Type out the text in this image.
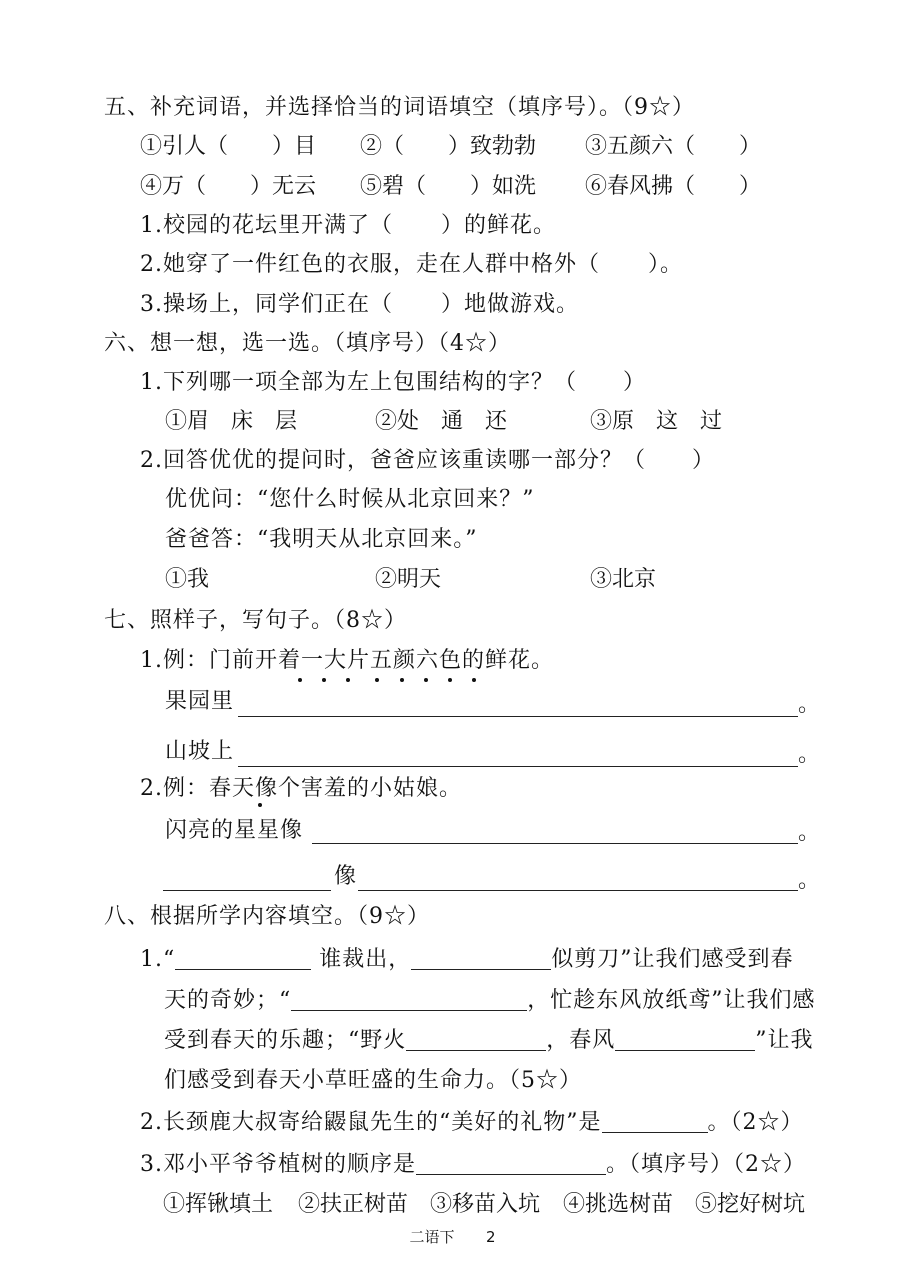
五、补充词语，并选择恰当的词语填空（填序号）。（9☆）
①引人（　　）目 ②（　　）致勃勃 ③五颜六（　　）
④万（　　）无云 ⑤碧（　　）如洗 ⑥春风拂（　　）
1.校园的花坛里开满了（ ）的鲜花。
2.她穿了一件红色的衣服，走在人群中格外（ ）。
3.操场上，同学们正在（ ）地做游戏。
六、想一想，选一选。（填序号）（4☆）
1.下列哪一项全部为左上包围结构的字？（　　）
①眉　床　层	②处　通　还	③原　这　过
2.回答优优的提问时，爸爸应该重读哪一部分？（　　）
优优问：“您什么时候从北京回来？”
爸爸答：“我明天从北京回来。”
①我	②明天	③北京
七、照样子，写句子。（8☆）
1.例：门前开着一大片五颜六色的鲜花。
果园里	。
山坡上	。
2.例：春天像个害羞的小姑娘。
闪亮的星星像	。
像	。
八、根据所学内容填空。（9☆）
1.“	谁裁出，	似剪刀”让我们感受到春
天的奇妙；“	，忙趁东风放纸鸢”让我们感
受到春天的乐趣；“野火	，春风	”让我
们感受到春天小草旺盛的生命力。（5☆）
2.长颈鹿大叔寄给鼹鼠先生的“美好的礼物”是	。（2☆）
3.邓小平爷爷植树的顺序是	。（填序号）（2☆）
①挥锹填土 ②扶正树苗 ③移苗入坑 ④挑选树苗 ⑤挖好树坑
二语下 2
